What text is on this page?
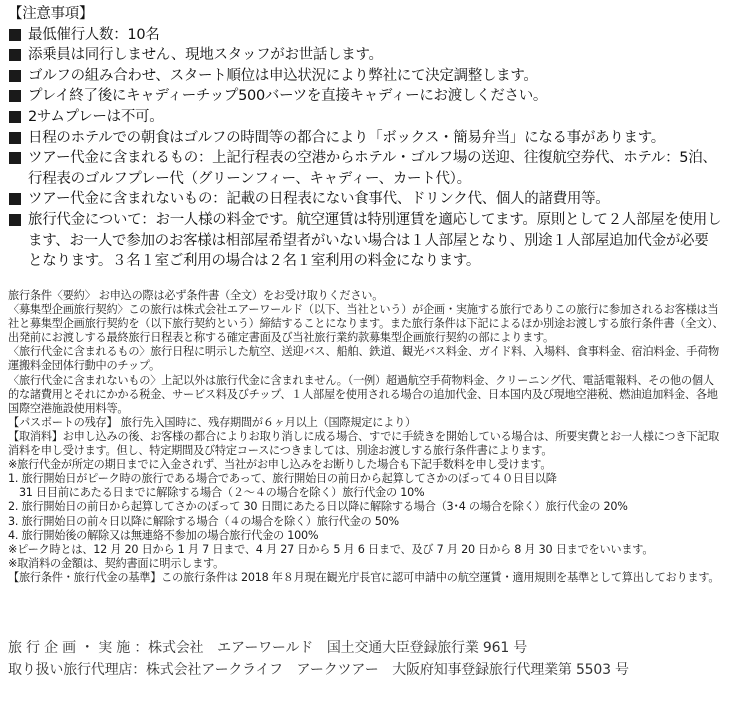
【注意事項】
最低催行人数：10名
添乗員は同行しません、現地スタッフがお世話します。
ゴルフの組み合わせ、スタート順位は申込状況により弊社にて決定調整します。
プレイ終了後にキャディーチップ500バーツを直接キャディーにお渡しください。
2サムプレーは不可。
日程のホテルでの朝食はゴルフの時間等の都合により「ボックス・簡易弁当」になる事があります。
ツアー代金に含まれるもの：上記行程表の空港からホテル・ゴルフ場の送迎、往復航空券代、ホテル：5泊、行程表のゴルフプレー代（グリーンフィー、キャディー、カート代）。
ツアー代金に含まれないもの：記載の日程表にない食事代、ドリンク代、個人的諸費用等。
旅行代金について：お一人様の料金です。航空運賃は特別運賃を適応してます。原則として２人部屋を使用します、お一人で参加のお客様は相部屋希望者がいない場合は１人部屋となり、別途１人部屋追加代金が必要となります。３名１室ご利用の場合は２名１室利用の料金になります。

旅行条件〈要約〉 お申込の際は必ず条件書（全文）をお受け取りください。

〈募集型企画旅行契約〉この旅行は株式会社エアーワールド（以下、当社という）が企画・実施する旅行でありこの旅行に参加されるお客様は当社と募集型企画旅行契約を（以下旅行契約という）締結することになります。また旅行条件は下記によるほか別途お渡しする旅行条件書（全文）、出発前にお渡しする最終旅行日程表と称する確定書面及び当社旅行業約款募集型企画旅行契約の部によります。

〈旅行代金に含まれるもの〉旅行日程に明示した航空、送迎バス、船舶、鉄道、観光バス料金、ガイド料、入場料、食事料金、宿泊料金、手荷物運搬料金団体行動中のチップ。

〈旅行代金に含まれないもの〉上記以外は旅行代金に含まれません。（一例）超過航空手荷物料金、クリーニング代、電話電報料、その他の個人的な諸費用とそれにかかる税金、サービス料及びチップ、１人部屋を使用される場合の追加代金、日本国内及び現地空港税、燃油追加料金、各地国際空港施設使用料等。

【パスポートの残存】 旅行先入国時に、残存期間が６ヶ月以上（国際規定により）

【取消料】お申し込みの後、お客様の都合によりお取り消しに成る場合、すでに手続きを開始している場合は、所要実費とお一人様につき下記取消料を申し受けます。但し、特定期間及び特定コースにつきましては、別途お渡しする旅行条件書によります。

※旅行代金が所定の期日までに入金されず、当社がお申し込みをお断りした場合も下記手数料を申し受けます。

1. 旅行開始日がピーク時の旅行である場合であって、旅行開始日の前日から起算してさかのぼって４０日目以降

　31 日目前にあたる日までに解除する場合（２～４の場合を除く）旅行代金の 10%

2. 旅行開始日の前日から起算してさかのぼって 30 日間にあたる日以降に解除する場合（3･4 の場合を除く）旅行代金の 20%

3. 旅行開始日の前々日以降に解除する場合（４の場合を除く）旅行代金の 50%

4. 旅行開始後の解除又は無連絡不参加の場合旅行代金の 100%

※ピーク時とは、12 月 20 日から 1 月 7 日まで、4 月 27 日から 5 月 6 日まで、及び 7 月 20 日から 8 月 30 日までをいいます。

※取消料の金額は、契約書面に明示します。

【旅行条件・旅行代金の基準】この旅行条件は 2018 年８月現在観光庁長官に認可申請中の航空運賃・適用規則を基準として算出しております。

旅 行 企 画 ・ 実 施 ：株式会社　エアーワールド　国土交通大臣登録旅行業 961 号

取り扱い旅行代理店：株式会社アークライフ　アークツアー　大阪府知事登録旅行代理業第 5503 号
